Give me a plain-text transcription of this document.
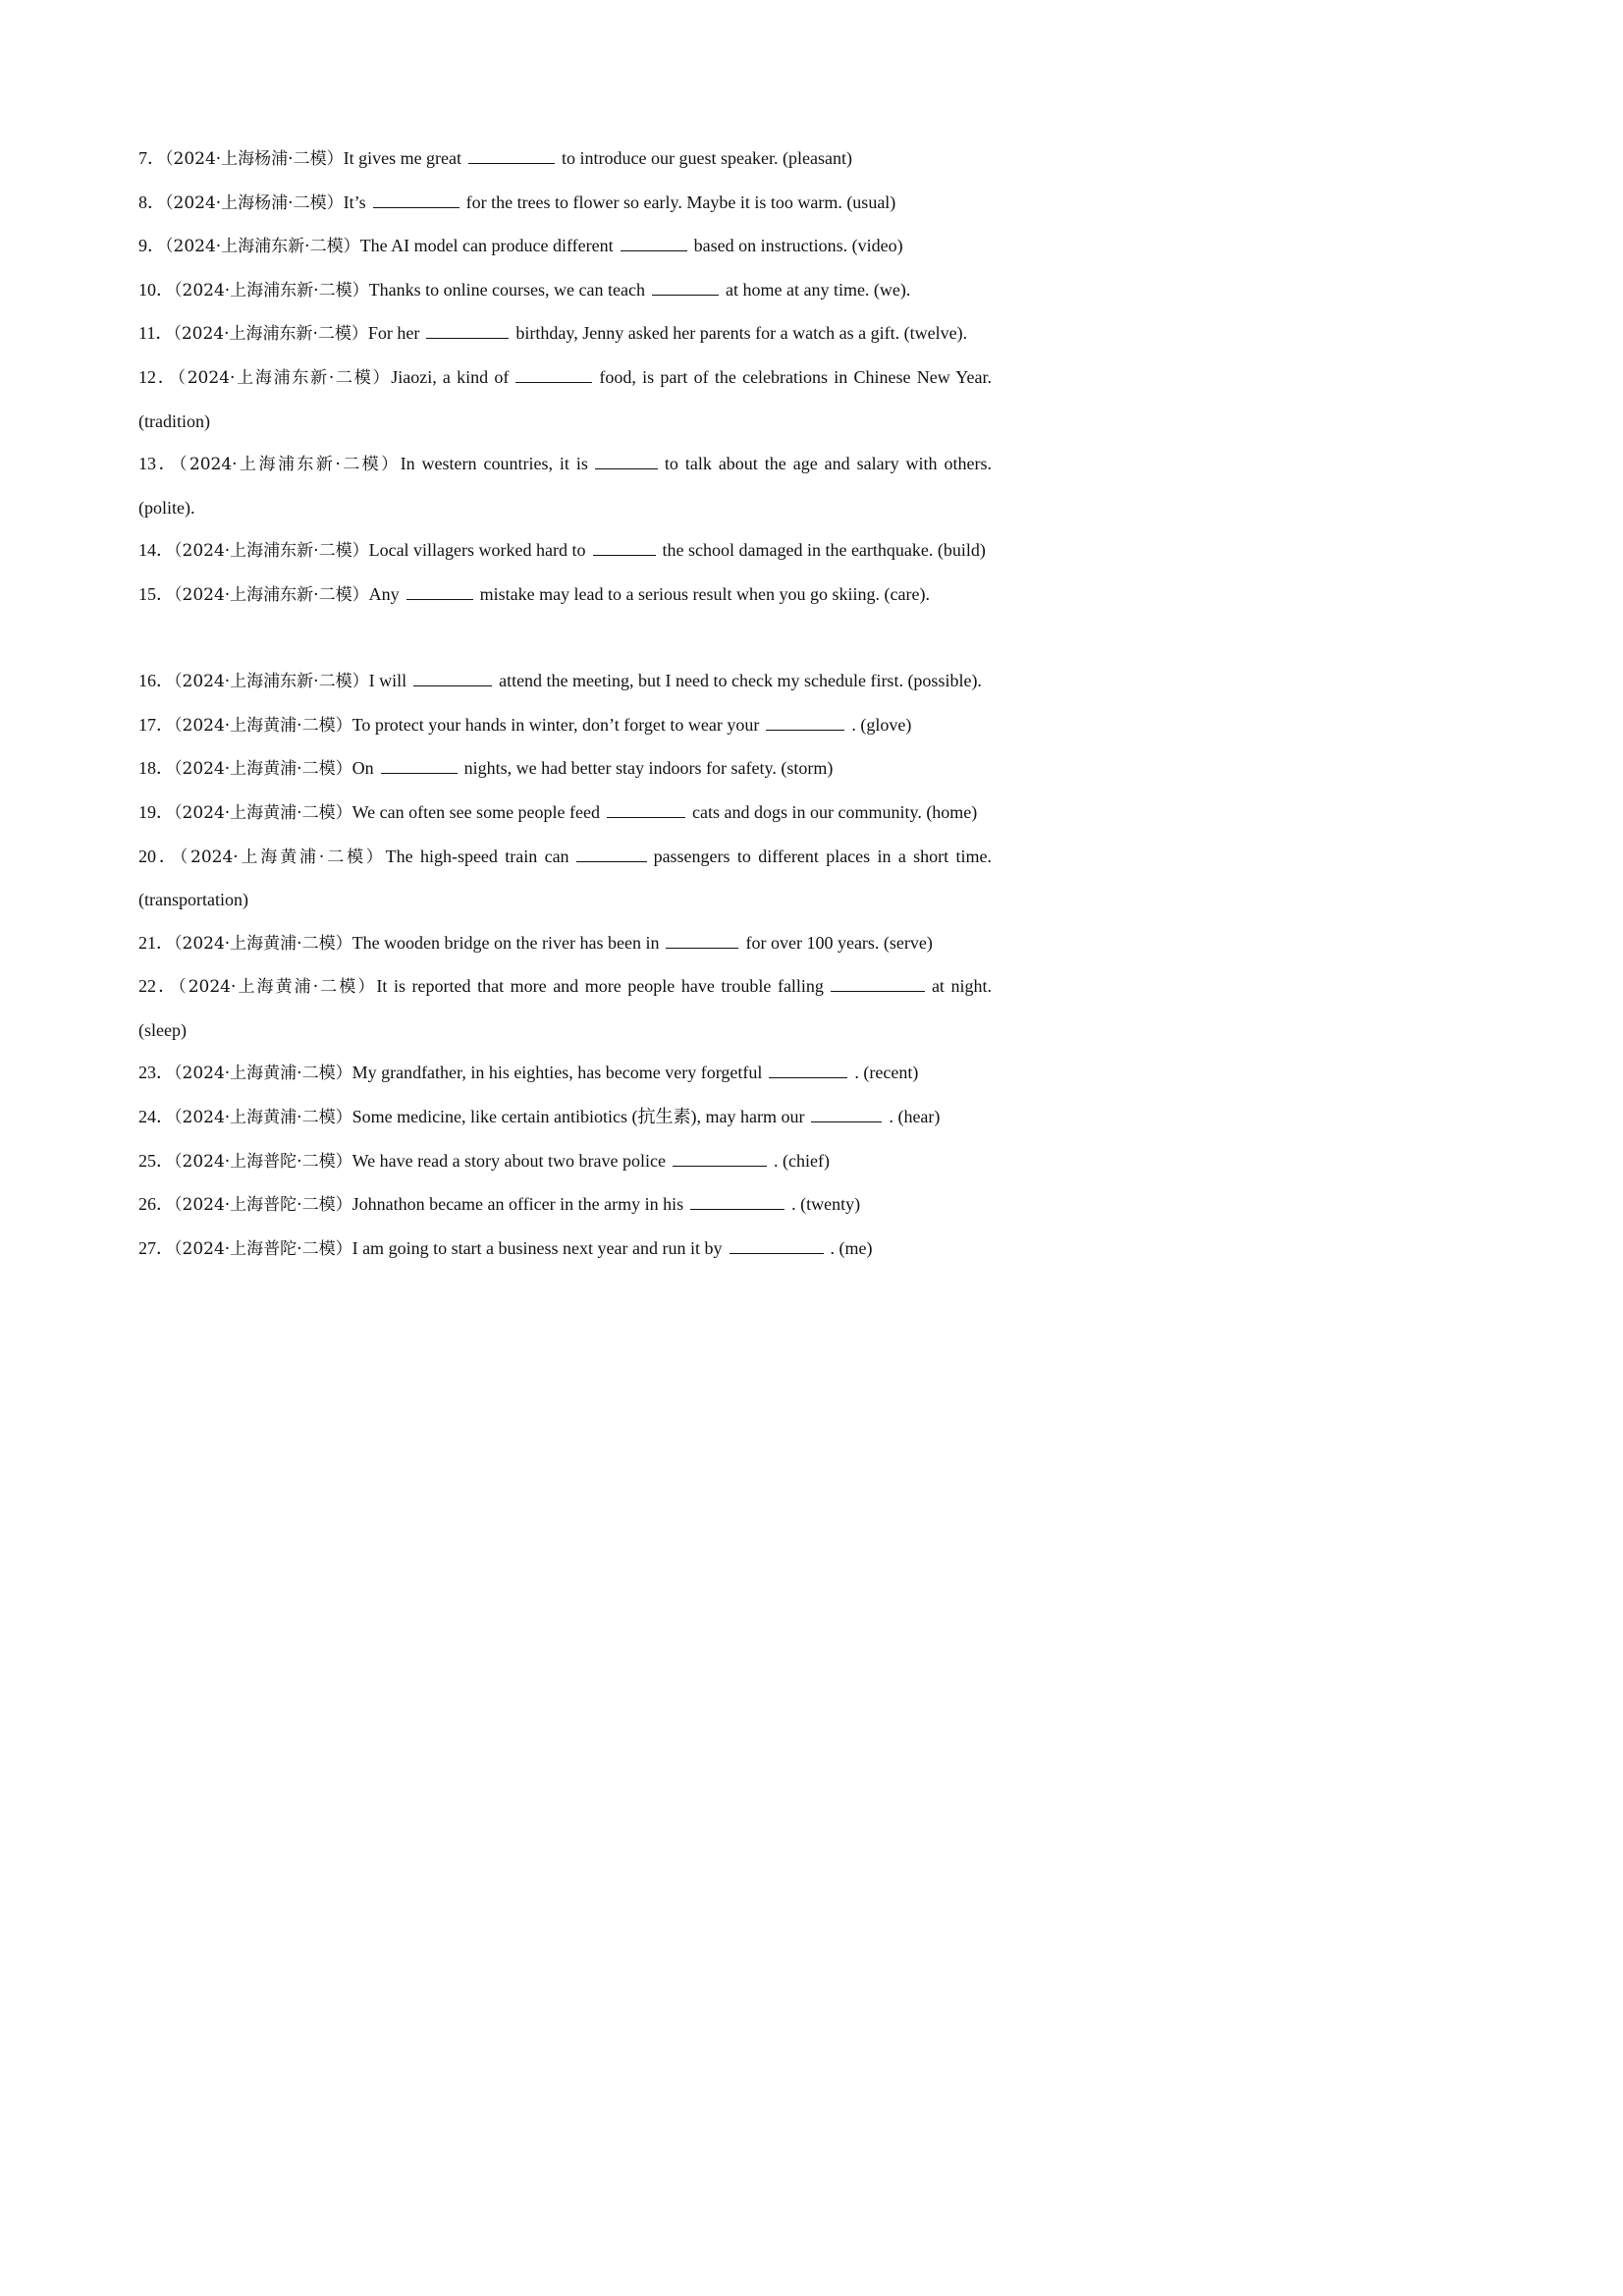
7．（2024·上海杨浦·二模）It gives me great	to introduce our guest speaker. (pleasant)

8．（2024·上海杨浦·二模）It’s	for the trees to flower so early. Maybe it is too warm. (usual)

9．（2024·上海浦东新·二模）The AI model can produce different	based on instructions. (video)

10．（2024·上海浦东新·二模）Thanks to online courses, we can teach	at home at any time. (we).

11．（2024·上海浦东新·二模）For her	birthday, Jenny asked her parents for a watch as a gift. (twelve).

12．（2024·上海浦东新·二模）Jiaozi, a kind of	food, is part of the celebrations in Chinese New Year. (tradition)

13．（2024·上海浦东新·二模）In western countries, it is	to talk about the age and salary with others. (polite).

14．（2024·上海浦东新·二模）Local villagers worked hard to	the school damaged in the earthquake. (build)

15．（2024·上海浦东新·二模）Any	mistake may lead to a serious result when you go skiing. (care).

16．（2024·上海浦东新·二模）I will	attend the meeting, but I need to check my schedule first. (possible).

17．（2024·上海黄浦·二模）To protect your hands in winter, don’t forget to wear your	. (glove)

18．（2024·上海黄浦·二模）On	nights, we had better stay indoors for safety. (storm)

19．（2024·上海黄浦·二模）We can often see some people feed	cats and dogs in our community. (home)

20．（2024·上海黄浦·二模）The high-speed train can	passengers to different places in a short time. (transportation)

21．（2024·上海黄浦·二模）The wooden bridge on the river has been in	for over 100 years. (serve)

22．（2024·上海黄浦·二模）It is reported that more and more people have trouble falling	at night.(sleep)

23．（2024·上海黄浦·二模）My grandfather, in his eighties, has become very forgetful	. (recent)

24．（2024·上海黄浦·二模）Some medicine, like certain antibiotics (抗生素), may harm our	. (hear)

25．（2024·上海普陀·二模）We have read a story about two brave police	. (chief)

26．（2024·上海普陀·二模）Johnathon became an officer in the army in his	. (twenty)

27．（2024·上海普陀·二模）I am going to start a business next year and run it by	. (me)
